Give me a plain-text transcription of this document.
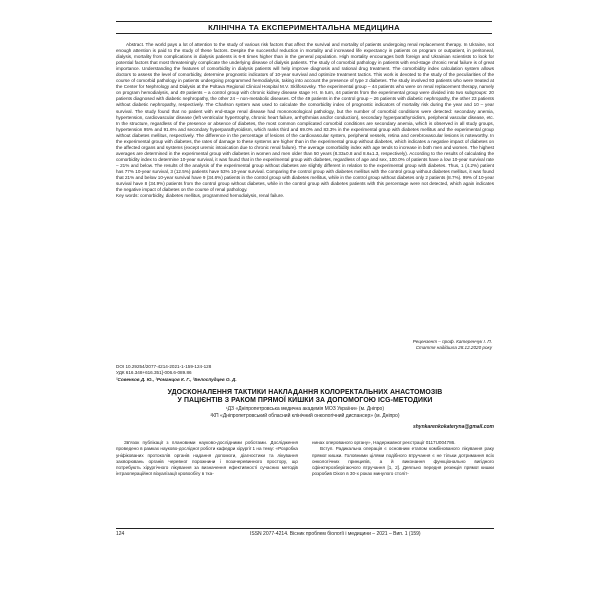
КЛІНІЧНА ТА ЕКСПЕРИМЕНТАЛЬНА МЕДИЦИНА

Abstract. The world pays a lot of attention to the study of various risk factors that affect the survival and mortality of patients undergoing renal replacement therapy. In Ukraine, not enough attention is paid to the study of these factors. Despite the successful reduction in mortality and increased life expectancy in patients on program or outpatient, in peritoneal, dialysis, mortality from complications in dialysis patients is 6-8 times higher than in the general population. High mortality encourages both foreign and Ukrainian scientists to look for potential factors that most threateningly complicate the underlying disease of dialysis patients. The study of comorbid pathology in patients with end-stage chronic renal failure is of great importance. Understanding the features of comorbidity in dialysis patients will help improve diagnosis and rational drug treatment. The comorbidity index calculation system allows doctors to assess the level of comorbidity, determine prognostic indicators of 10-year survival and optimize treatment tactics. This work is devoted to the study of the peculiarities of the course of comorbid pathology in patients undergoing programmed hemodialysis, taking into account the presence of type 2 diabetes. The study involved 93 patients who were treated at the Center for Nephrology and Dialysis at the Poltava Regional Clinical Hospital M.V. Sklifosovsky. The experimental group – 44 patients who were on renal replacement therapy, namely on program hemodialysis, and 49 patients – a control group with chronic kidney disease stage I-II. In turn, 44 patients from the experimental group were divided into two subgroups: 20 patients diagnosed with diabetic nephropathy, the other 24 – non-metabolic diseases. Of the 49 patients in the control group – 26 patients with diabetic nephropathy, the other 23 patients without diabetic nephropathy, respectively. The Charlson system was used to calculate the comorbidity index of prognostic indicators of mortality risk during the year and 10 – year survival. The study found that no patient with end-stage renal disease had mononosological pathology, but the number of comorbid conditions were detected: secondary anemia, hypertension, cardiovascular disease (left ventricular hypertrophy, chronic heart failure, arrhythmias and/or conduction), secondary hyperparathyroidism, peripheral vascular disease, etc. In the structure, regardless of the presence or absence of diabetes, the most common complicated comorbid conditions are secondary anemia, which is observed in all study groups, hypertension 95% and 91.6% and secondary hyperparathyroidism, which ranks third and 69.0% and 83.3% in the experimental group with diabetes mellitus and the experimental group without diabetes mellitus, respectively. The difference in the percentage of lesions of the cardiovascular system, peripheral vessels, retina and cerebrovascular lesions is noteworthy. In the experimental group with diabetes, the rates of damage to these systems are higher than in the experimental group without diabetes, which indicates a negative impact of diabetes on the affected organs and systems (except uremic intoxication due to chronic renal failure). The average comorbidity index with age tends to increase in both men and women. The highest averages are determined in the experimental group with diabetes in women and men older than 50 years (8.33±0.8 and 8.6±1.3, respectively). According to the results of calculating the comorbidity index to determine 10-year survival, it was found that in the experimental group with diabetes, regardless of age and sex, 100.0% of patients have a low 10-year survival rate – 21% and below. The results of the analysis of the experimental group without diabetes are slightly different in relation to the experimental group with diabetes. Thus, 1 (4.2%) patient has 77% 10-year survival, 3 (12.5%) patients have 53% 10-year survival. Comparing the control group with diabetes mellitus with the control group without diabetes mellitus, it was found that 21% and below 10-year survival have 9 (34.6%) patients in the control group with diabetes mellitus, while in the control group without diabetes only 2 patients (8.7%). 99% of 10-year survival have 8 (34.9%) patients from the control group without diabetes, while in the control group with diabetes patients with this percentage were not detected, which again indicates the negative impact of diabetes on the course of renal pathology.

Key words: comorbidity, diabetes mellitus, programmed hemodialysis, renal failure.

Рецензент – проф. Катеренчук І. П.
Стаття надійшла 28.12.2020 року
DOI 10.29254/2077-4214-2021-1-159-124-128
УДК 616.348+616.351]-006.6-089.86
¹Совенков Д. Ю., ¹Романцов К. Г., ²Белоспудцев О. Д.
УДОСКОНАЛЕННЯ ТАКТИКИ НАКЛАДАННЯ КОЛОРЕКТАЛЬНИХ АНАСТОМОЗІВ
У ПАЦІЄНТІВ З РАКОМ ПРЯМОЇ КИШКИ ЗА ДОПОМОГОЮ ICG-МЕТОДИКИ
¹ДЗ «Дніпропетровська медична академія МОЗ України» (м. Дніпро)
²КП «Дніпропетровський обласний клінічний онкологічний диспансер» (м. Дніпро)
shynkarenkokateryna@gmail.com

Зв'язок публікації з плановими науково-дослідними роботами. Дослідження проведено в рамках науково-дослідної роботи кафедри хірургії 1 на тему: «Розробка уніфікованих протоколів органів надання допомоги, діагностики та лікування захворювань органів черевної порожнини і позачеревинного простору, що потребують хірургічного лікування за визначення ефективності сучасних методів інтраопераційної візуалізації кровообігу в тка-

нинах оперованого органу», Надержавної реєстрації 0117U004786.

Вступ. Радикальна операція є основним етапом комбінованого лікування раку прямої кишки. Головними цілями подібного втручання є не тільки дотримання всіх онкологічних принципів, а й виконання функціонально вигідного сфінктерозберігаючого втручання [1, 2]. Деяльно передня резекція прямої кишки розробив Dixon в 30-х роках минулого століт-

124	ISSN 2077-4214. Вісник проблем біології і медицини – 2021 – Вип. 1 (159)
